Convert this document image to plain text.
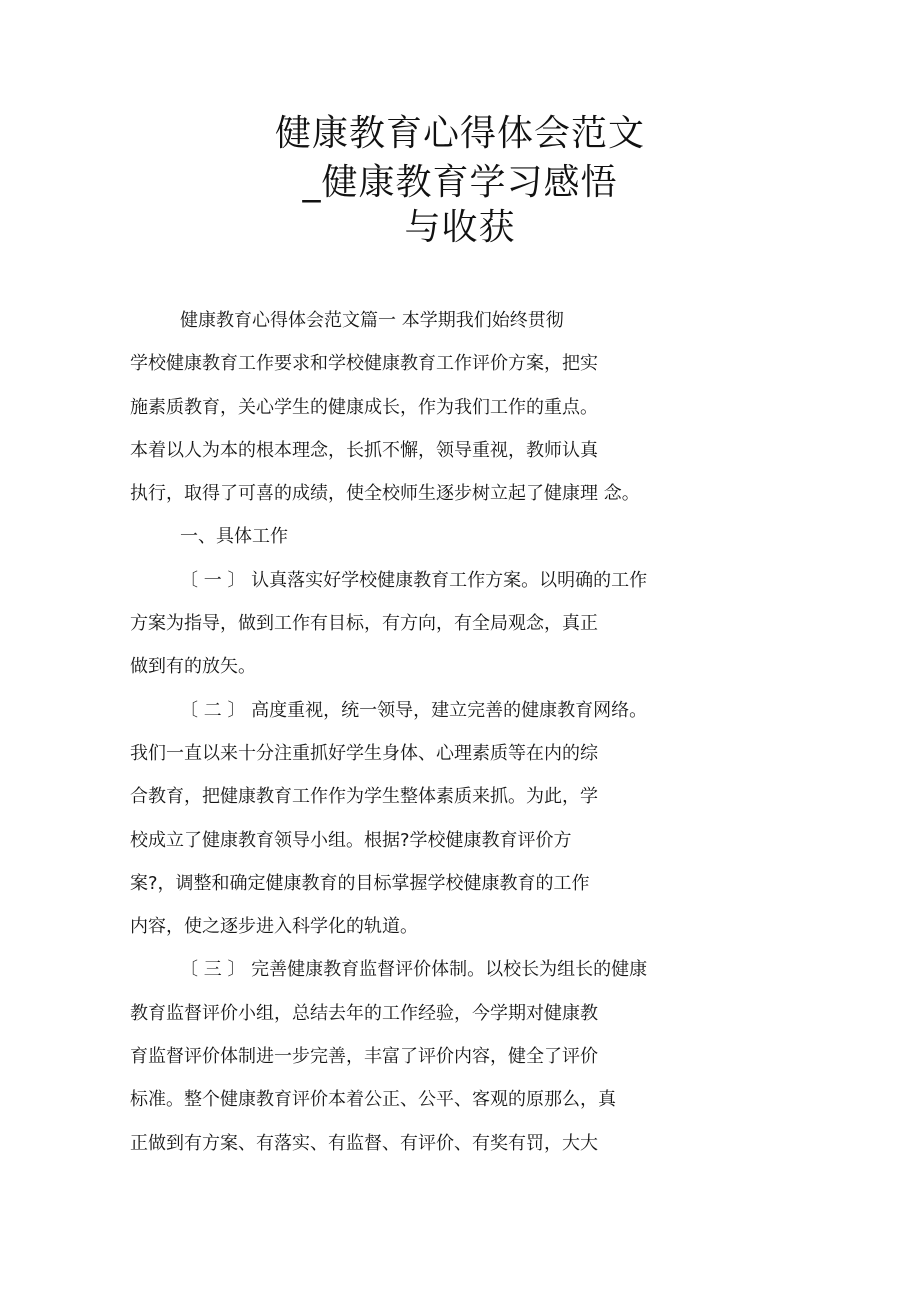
健康教育心得体会范文
_健康教育学习感悟
与收获
健康教育心得体会范文篇一 本学期我们始终贯彻
学校健康教育工作要求和学校健康教育工作评价方案，把实
施素质教育，关心学生的健康成长，作为我们工作的重点。
本着以人为本的根本理念，长抓不懈，领导重视，教师认真
执行，取得了可喜的成绩，使全校师生逐步树立起了健康理 念。
一、具体工作
〔 一 〕 认真落实好学校健康教育工作方案。以明确的工作
方案为指导，做到工作有目标，有方向，有全局观念，真正
做到有的放矢。
〔 二 〕 高度重视，统一领导，建立完善的健康教育网络。
我们一直以来十分注重抓好学生身体、心理素质等在内的综
合教育，把健康教育工作作为学生整体素质来抓。为此，学
校成立了健康教育领导小组。根据?学校健康教育评价方
案?，调整和确定健康教育的目标掌握学校健康教育的工作
内容，使之逐步进入科学化的轨道。
〔 三 〕 完善健康教育监督评价体制。以校长为组长的健康
教育监督评价小组，总结去年的工作经验，今学期对健康教
育监督评价体制进一步完善，丰富了评价内容，健全了评价
标准。整个健康教育评价本着公正、公平、客观的原那么，真
正做到有方案、有落实、有监督、有评价、有奖有罚，大大
